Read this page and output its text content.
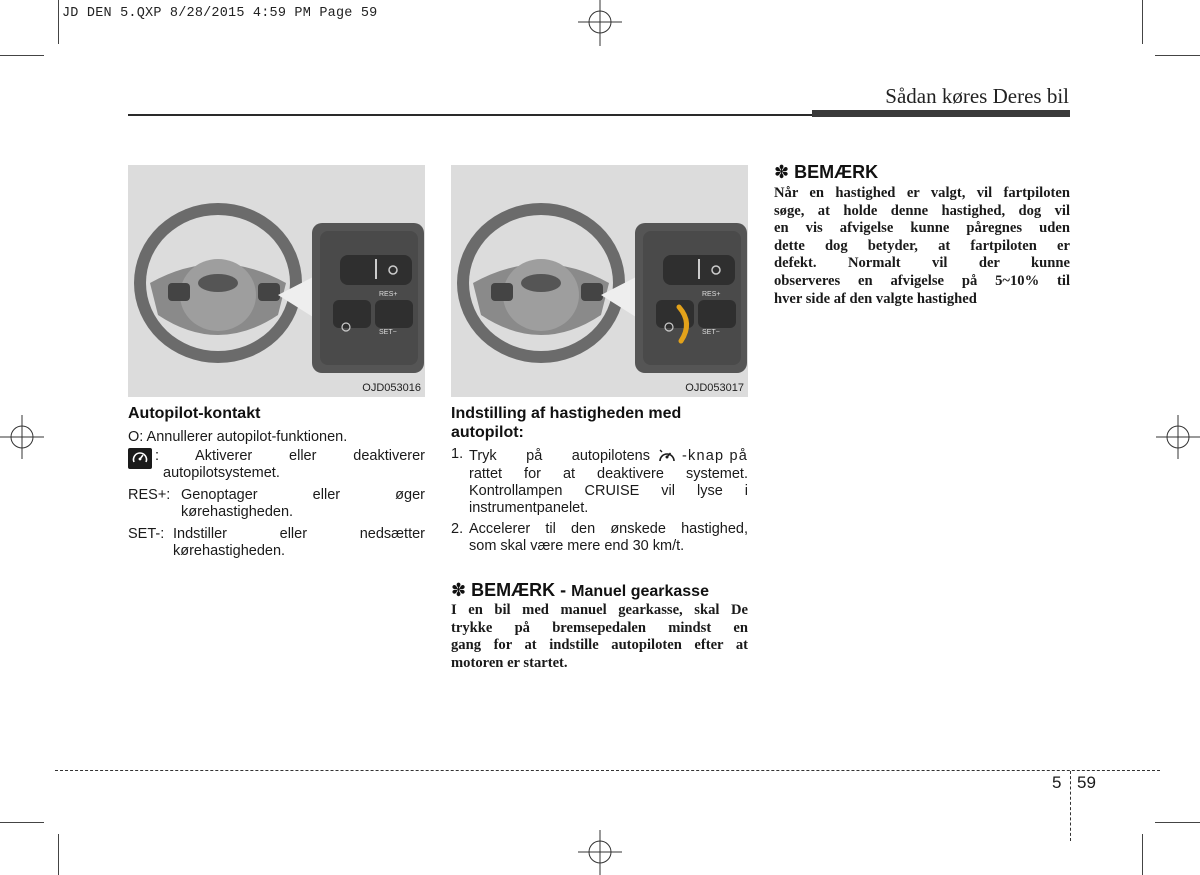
JD DEN 5.QXP 8/28/2015 4:59 PM Page 59
Sådan køres Deres bil
RES+
SET−
OJD053016
RES+
SET−
OJD053017
Autopilot-kontakt
O: Annullerer autopilot-funktionen.
: Aktiverer eller deaktiverer
autopilotsystemet.
RES+: Genoptager eller øger
kørehastigheden.
SET-: Indstiller eller nedsætter
kørehastigheden.
Indstilling af hastigheden med
autopilot:
1. Tryk på autopilotens -knap på
rattet for at deaktivere systemet.
Kontrollampen CRUISE vil lyse i
instrumentpanelet.
2. Accelerer til den ønskede hastighed,
som skal være mere end 30 km/t.
✽ BEMÆRK - Manuel gearkasse
I en bil med manuel gearkasse, skal De
trykke på bremsepedalen mindst en
gang for at indstille autopiloten efter at
motoren er startet.
✽ BEMÆRK
Når en hastighed er valgt, vil fartpiloten
søge, at holde denne hastighed, dog vil
en vis afvigelse kunne påregnes uden
dette dog betyder, at fartpiloten er
defekt. Normalt vil der kunne
observeres en afvigelse på 5~10% til
hver side af den valgte hastighed
5 59
